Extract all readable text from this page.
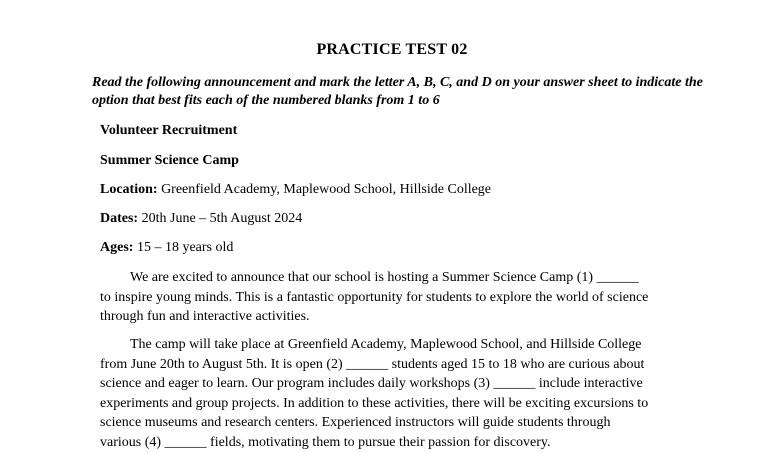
PRACTICE TEST 02
Read the following announcement and mark the letter A, B, C, and D on your answer sheet to indicate the option that best fits each of the numbered blanks from 1 to 6
Volunteer Recruitment
Summer Science Camp
Location: Greenfield Academy, Maplewood School, Hillside College
Dates: 20th June – 5th August 2024
Ages: 15 – 18 years old
We are excited to announce that our school is hosting a Summer Science Camp (1) ______
to inspire young minds. This is a fantastic opportunity for students to explore the world of science
through fun and interactive activities.
The camp will take place at Greenfield Academy, Maplewood School, and Hillside College
from June 20th to August 5th. It is open (2) ______ students aged 15 to 18 who are curious about
science and eager to learn. Our program includes daily workshops (3) ______ include interactive
experiments and group projects. In addition to these activities, there will be exciting excursions to
science museums and research centers. Experienced instructors will guide students through
various (4) ______ fields, motivating them to pursue their passion for discovery.
